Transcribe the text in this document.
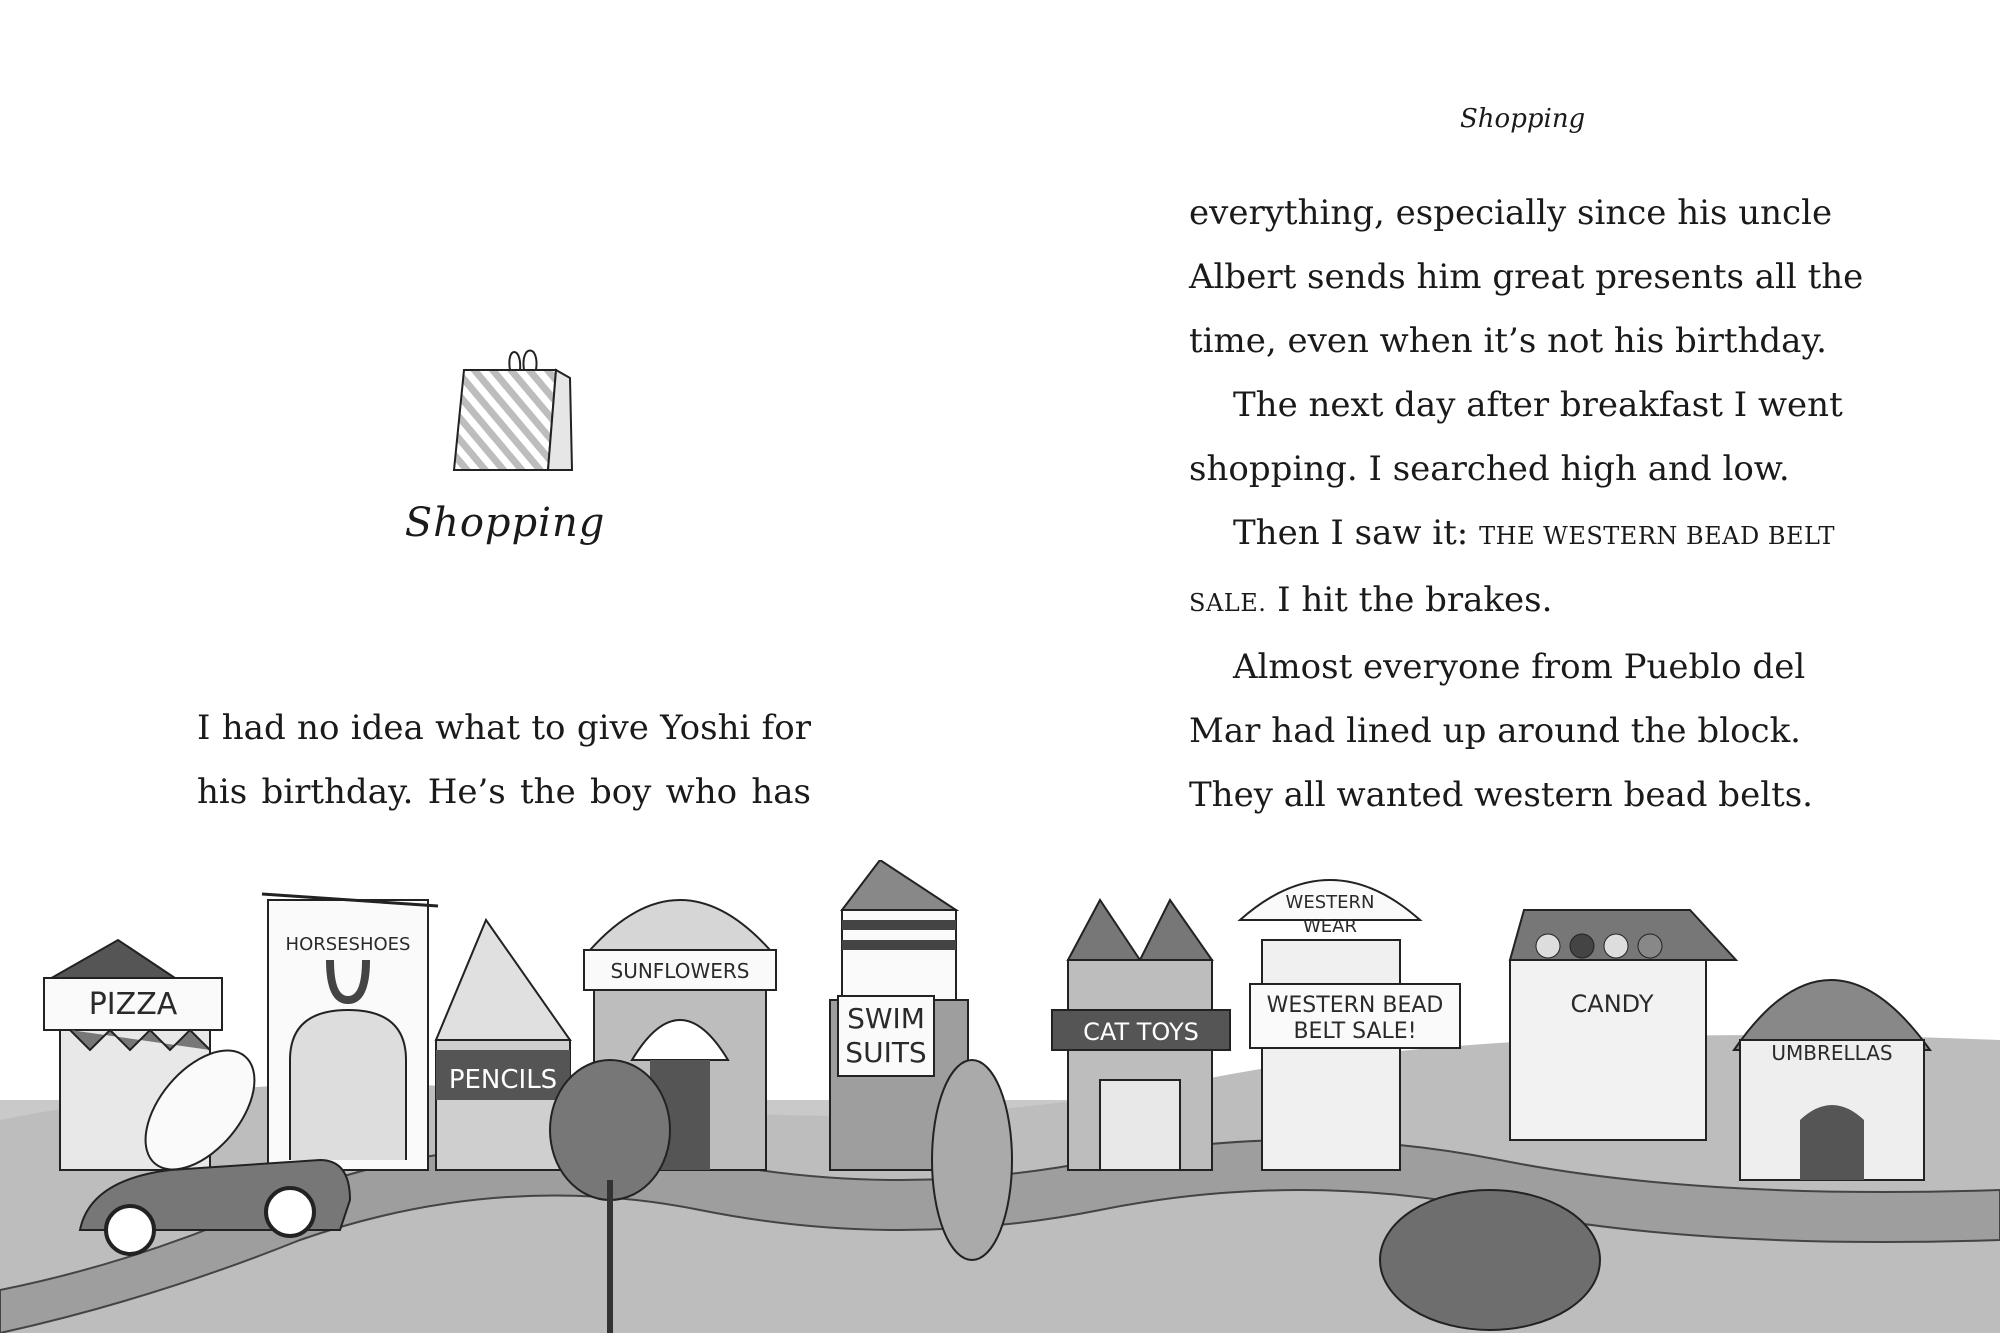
Shopping
Shopping

I had no idea what to give Yoshi for
his birthday. He’s the boy who has

everything, especially since his uncle
Albert sends him great presents all the
time, even when it’s not his birthday.

The next day after breakfast I went
shopping. I searched high and low.

Then I saw it: THE WESTERN BEAD BELT
SALE. I hit the brakes.

Almost everyone from Pueblo del
Mar had lined up around the block.
They all wanted western bead belts.

PIZZA
HORSESHOES
PENCILS
SUNFLOWERS
SWIM
SUITS
CAT TOYS
WESTERN
WEAR
WESTERN BEAD
BELT SALE!
CANDY
UMBRELLAS
